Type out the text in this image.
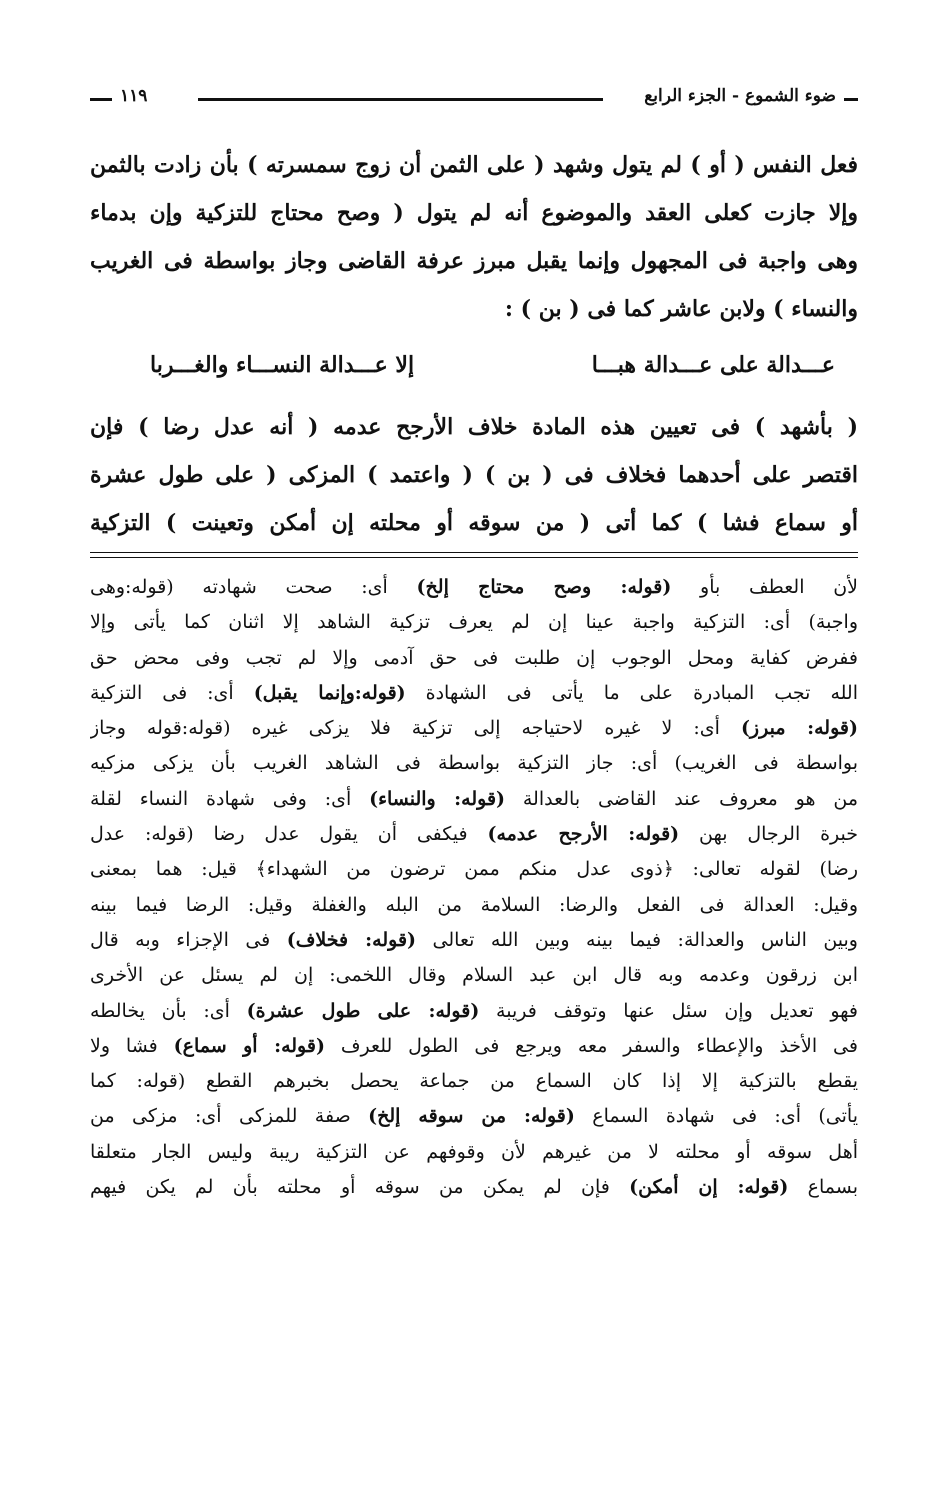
ضوء الشموع - الجزء الرابع
١١٩

فعل النفس ( أو ) لم يتول وشهد ( على الثمن أن زوج سمسرته ) بأن زادت بالثمن

وإلا جازت كعلى العقد والموضوع أنه لم يتول ( وصح محتاج للتزكية وإن بدماء

وهى واجبة فى المجهول وإنما يقبل مبرز عرفة القاضى وجاز بواسطة فى الغريب

والنساء ) ولابن عاشر كما فى ( بن ) :

عـــدالة على عـــدالة هبـــا
إلا عـــدالة النســـاء والغـــربا

( بأشهد ) فى تعيين هذه المادة خلاف الأرجح عدمه ( أنه عدل رضا ) فإن

اقتصر على أحدهما فخلاف فى ( بن ) ( واعتمد ) المزكى ( على طول عشرة

أو سماع فشا ) كما أتى ( من سوقه أو محلته إن أمكن وتعينت ) التزكية

لأن العطف بأو (قوله: وصح محتاج إلخ) أى: صحت شهادته (قوله:وهى

واجبة) أى: التزكية واجبة عينا إن لم يعرف تزكية الشاهد إلا اثنان كما يأتى وإلا

ففرض كفاية ومحل الوجوب إن طلبت فى حق آدمى وإلا لم تجب وفى محض حق

الله تجب المبادرة على ما يأتى فى الشهادة (قوله:وإنما يقبل) أى: فى التزكية

(قوله: مبرز) أى: لا غيره لاحتياجه إلى تزكية فلا يزكى غيره (قوله:قوله وجاز

بواسطة فى الغريب) أى: جاز التزكية بواسطة فى الشاهد الغريب بأن يزكى مزكيه

من هو معروف عند القاضى بالعدالة (قوله: والنساء) أى: وفى شهادة النساء لقلة

خبرة الرجال بهن (قوله: الأرجح عدمه) فيكفى أن يقول عدل رضا (قوله: عدل

رضا) لقوله تعالى: ﴿ذوى عدل منكم ممن ترضون من الشهداء﴾ قيل: هما بمعنى

وقيل: العدالة فى الفعل والرضا: السلامة من البله والغفلة وقيل: الرضا فيما بينه

وبين الناس والعدالة: فيما بينه وبين الله تعالى (قوله: فخلاف) فى الإجزاء وبه قال

ابن زرقون وعدمه وبه قال ابن عبد السلام وقال اللخمى: إن لم يسئل عن الأخرى

فهو تعديل وإن سئل عنها وتوقف فريبة (قوله: على طول عشرة) أى: بأن يخالطه

فى الأخذ والإعطاء والسفر معه ويرجع فى الطول للعرف (قوله: أو سماع) فشا ولا

يقطع بالتزكية إلا إذا كان السماع من جماعة يحصل بخبرهم القطع (قوله: كما

يأتى) أى: فى شهادة السماع (قوله: من سوقه إلخ) صفة للمزكى أى: مزكى من

أهل سوقه أو محلته لا من غيرهم لأن وقوفهم عن التزكية ريبة وليس الجار متعلقا

بسماع (قوله: إن أمكن) فإن لم يمكن من سوقه أو محلته بأن لم يكن فيهم
